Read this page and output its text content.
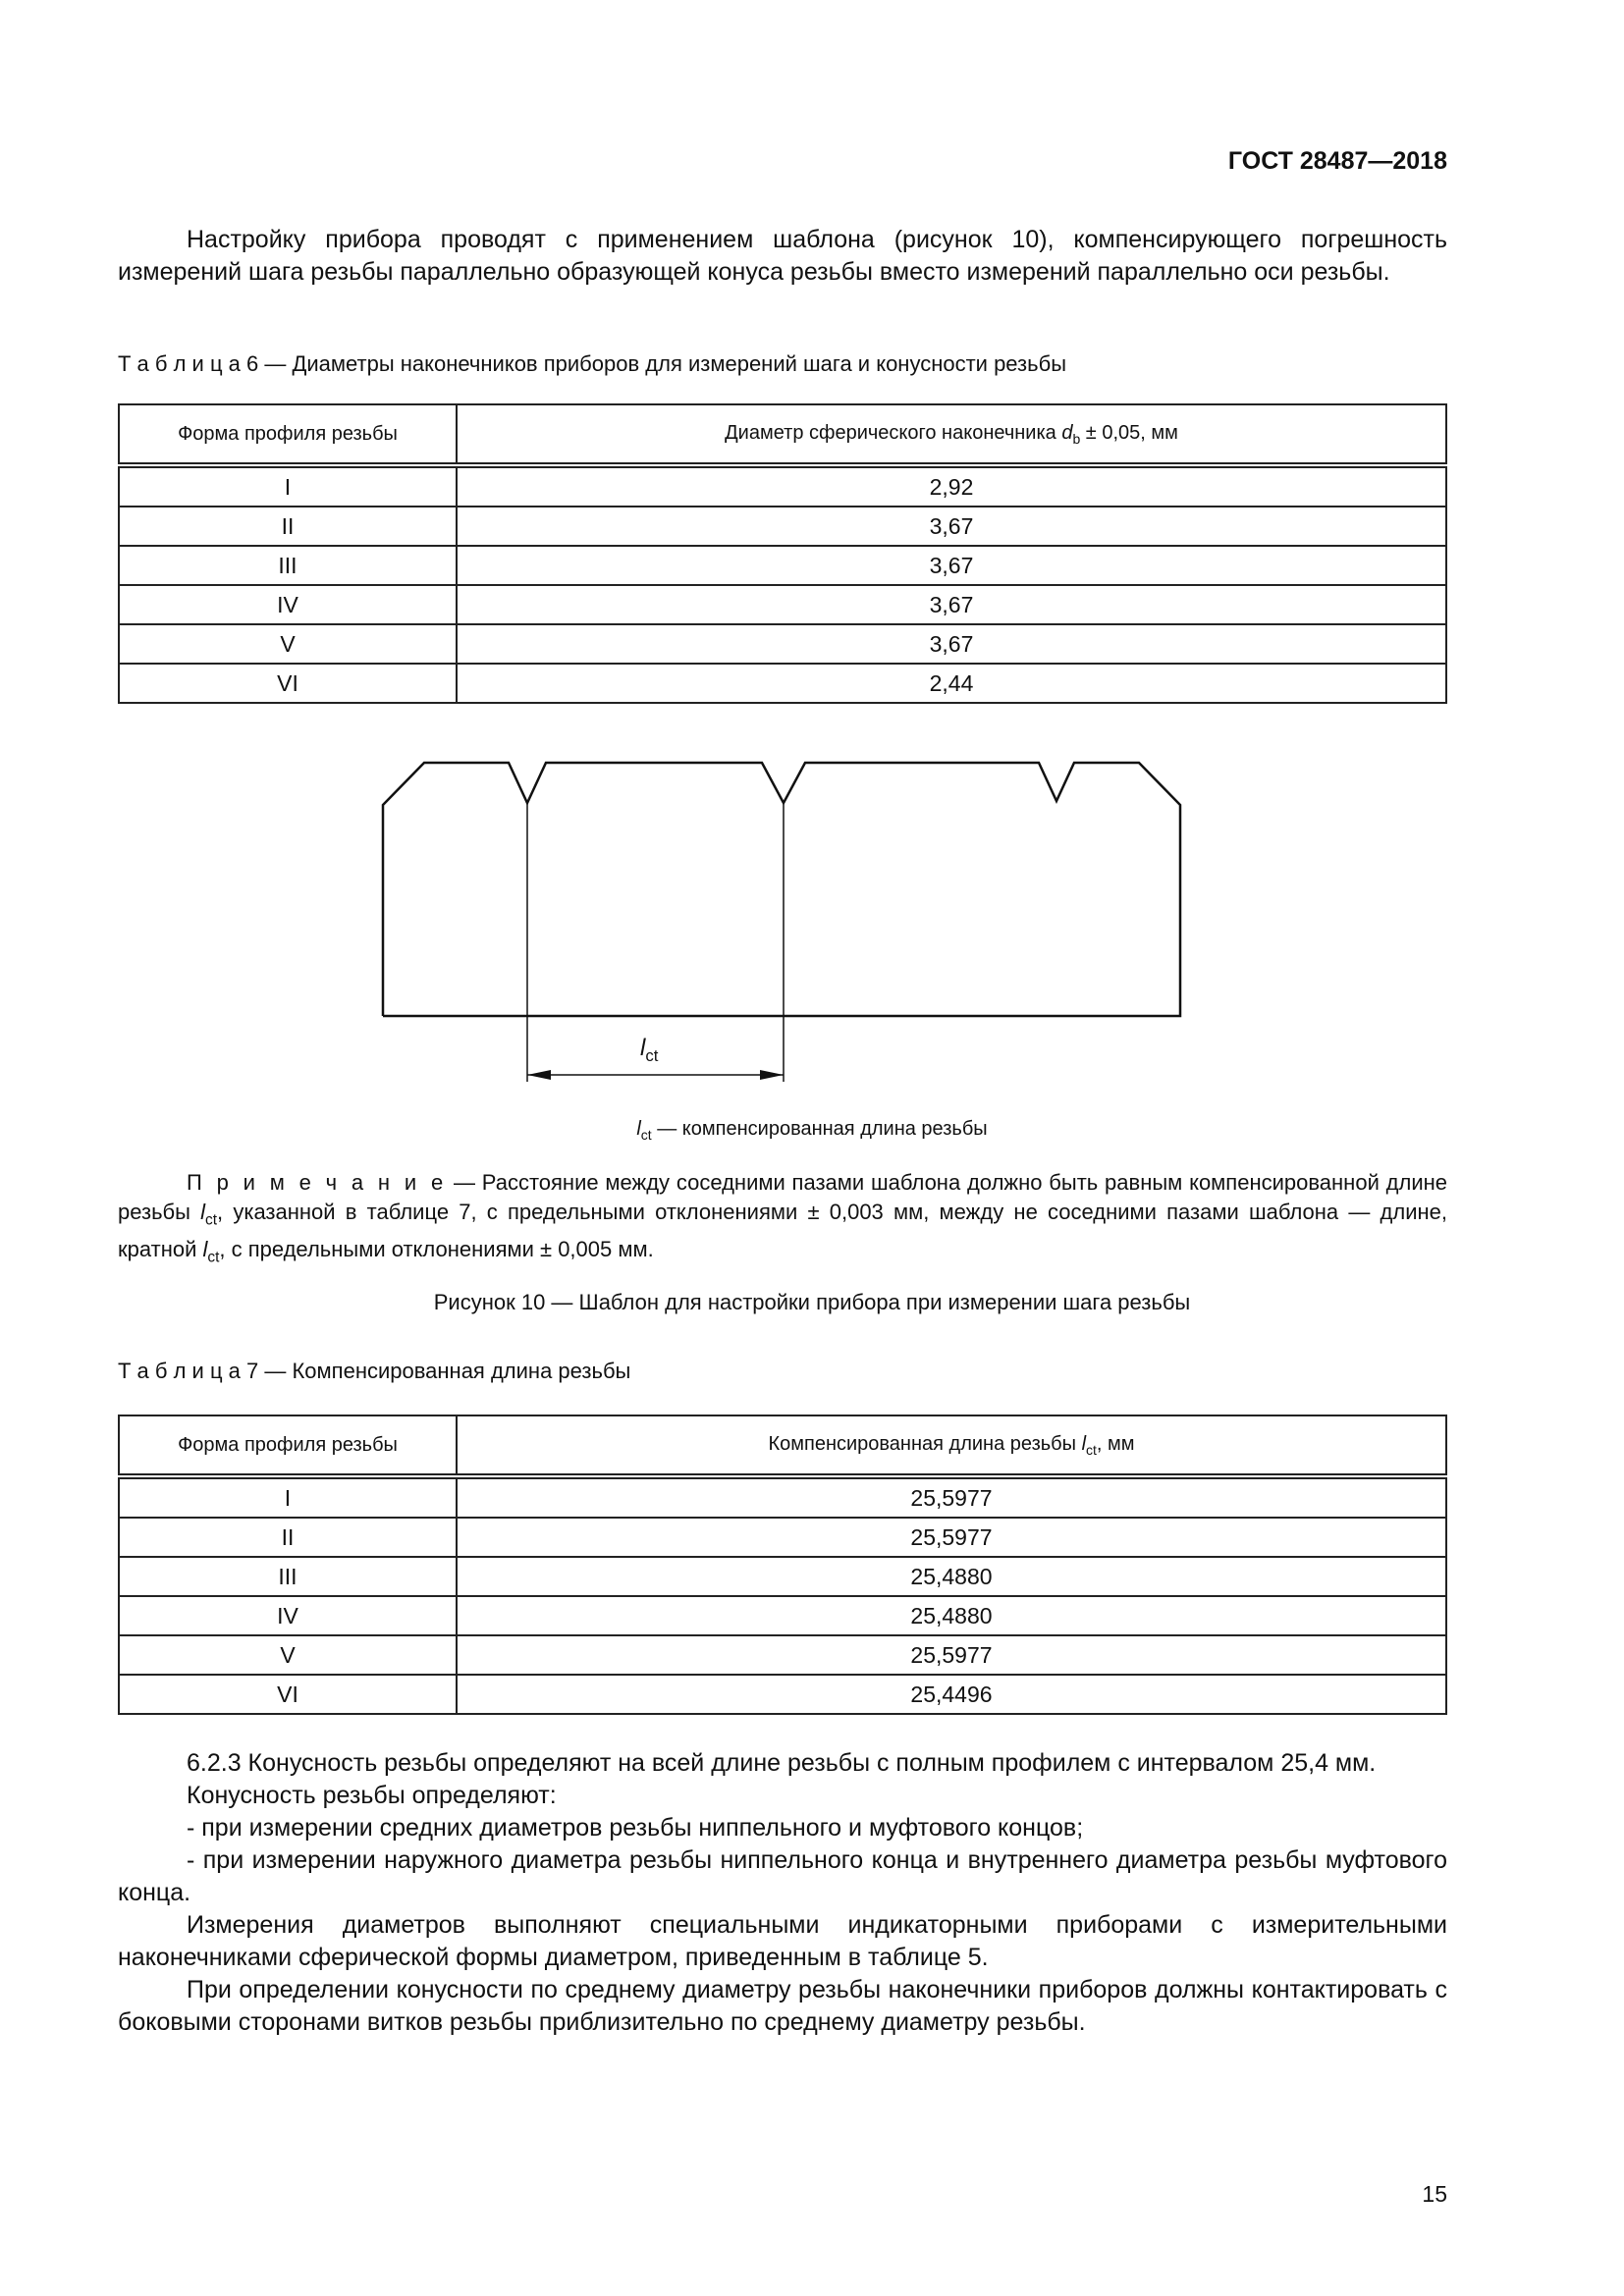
ГОСТ 28487—2018

Настройку прибора проводят с применением шаблона (рисунок 10), компенсирующего погрешность измерений шага резьбы параллельно образующей конуса резьбы вместо измерений параллельно оси резьбы.

Т а б л и ц а 6 — Диаметры наконечников приборов для измерений шага и конусности резьбы
Форма профиля резьбы	Диаметр сферического наконечника $d_b \pm 0,05$, мм
I	2,92
II	3,67
III	3,67
IV	3,67
V	3,67
VI	2,44
$l_{ct}$
$l_{ct}$ — компенсированная длина резьбы

П р и м е ч а н и е — Расстояние между соседними пазами шаблона должно быть равным компенсированной длине резьбы $l_{ct}$, указанной в таблице 7, с предельными отклонениями ± 0,003 мм, между не соседними пазами шаблона — длине, кратной $l_{ct}$, с предельными отклонениями ± 0,005 мм.

Рисунок 10 — Шаблон для настройки прибора при измерении шага резьбы
Т а б л и ц а 7 — Компенсированная длина резьбы
Форма профиля резьбы	Компенсированная длина резьбы $l_{ct}$, мм
I	25,5977
II	25,5977
III	25,4880
IV	25,4880
V	25,5977
VI	25,4496

6.2.3 Конусность резьбы определяют на всей длине резьбы с полным профилем с интервалом 25,4 мм.

Конусность резьбы определяют:

- при измерении средних диаметров резьбы ниппельного и муфтового концов;

- при измерении наружного диаметра резьбы ниппельного конца и внутреннего диаметра резьбы муфтового конца.

Измерения диаметров выполняют специальными индикаторными приборами с измерительными наконечниками сферической формы диаметром, приведенным в таблице 5.

При определении конусности по среднему диаметру резьбы наконечники приборов должны контактировать с боковыми сторонами витков резьбы приблизительно по среднему диаметру резьбы.

15
